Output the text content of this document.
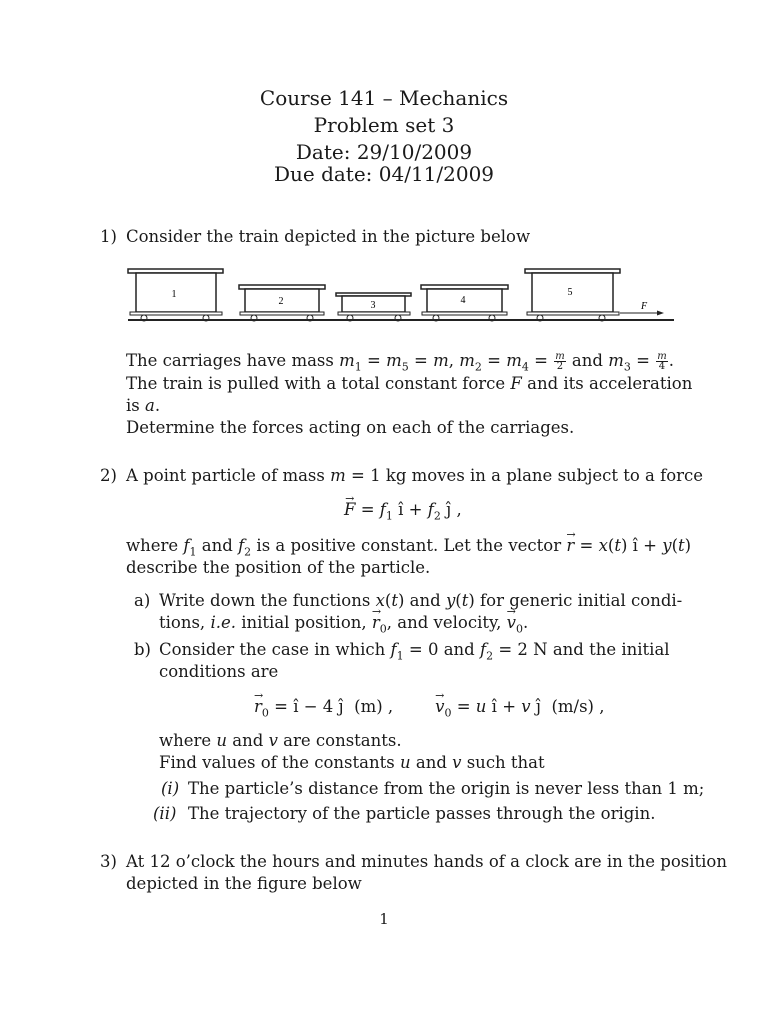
Course 141 – Mechanics
Problem set 3
Date: 29/10/2009
Due date: 04/11/2009
1) Consider the train depicted in the picture below
1
2	3	4
5
F
The carriages have mass $m_1 = m_5 = m$, $m_2 = m_4 = \frac{m}{2}$ and $m_3 = \frac{m}{4}$ .
The train is pulled with a total constant force F and its acceleration
is a.
Determine the forces acting on each of the carriages.
2) A point particle of mass m = 1 kg moves in a plane subject to a force
→ $F = f_1$ î + $f_2$ ĵ ,
where $f_1$ and $f_2$ is a positive constant. Let the vector → r = x(t) î + y(t)
describe the position of the particle.
a) Write down the functions x(t) and y(t) for generic initial condi-
tions, i.e. initial position, → $r_0$, and velocity, → $v_0$.
b) Consider the case in which $f_1 = 0$ and $f_2 = 2$ N and the initial
conditions are
→ $r_0$ = î − 4 ĵ  (m) ,        → $v_0 = u$ î + v ĵ  (m/s) ,
where u and v are constants.
Find values of the constants u and v such that
(i) The particle’s distance from the origin is never less than 1 m;
(ii) The trajectory of the particle passes through the origin.
3) At 12 o’clock the hours and minutes hands of a clock are in the position
depicted in the figure below
1
